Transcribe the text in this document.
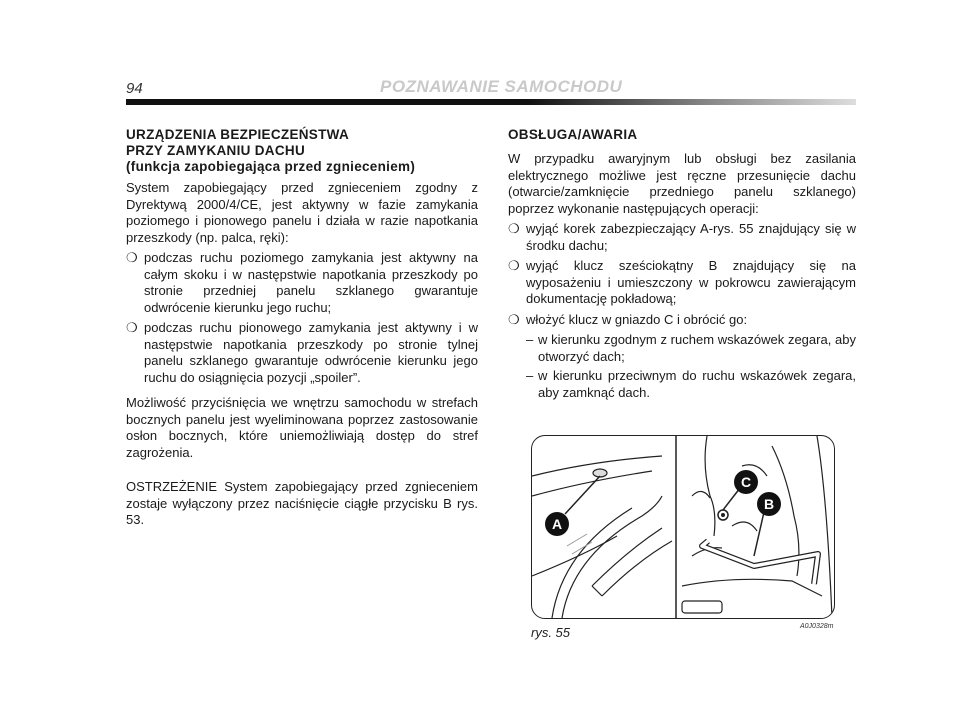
94	POZNAWANIE SAMOCHODU
URZĄDZENIA BEZPIECZEŃSTWA
PRZY ZAMYKANIU DACHU
(funkcja zapobiegająca przed zgnieceniem)

System zapobiegający przed zgnieceniem zgodny z Dyrektywą 2000/4/CE, jest aktywny w fazie zamykania poziomego i pionowego panelu i działa w razie napotkania przeszkody (np. palca, ręki):

❍ podczas ruchu poziomego zamykania jest aktywny na całym skoku i w następstwie napotkania przeszkody po stronie przedniej panelu szklanego gwarantuje odwrócenie kierunku jego ruchu;
❍ podczas ruchu pionowego zamykania jest aktywny i w następstwie napotkania przeszkody po stronie tylnej panelu szklanego gwarantuje odwrócenie kierunku jego ruchu do osiągnięcia pozycji „spoiler”.

Możliwość przyciśnięcia we wnętrzu samochodu w strefach bocznych panelu jest wyeliminowana poprzez zastosowanie osłon bocznych, które uniemożliwiają dostęp do stref zagrożenia.

OSTRZEŻENIE System zapobiegający przed zgnieceniem zostaje wyłączony przez naciśnięcie ciągłe przycisku B rys. 53.

OBSŁUGA/AWARIA

W przypadku awaryjnym lub obsługi bez zasilania elektrycznego możliwe jest ręczne przesunięcie dachu (otwarcie/zamknięcie przedniego panelu szklanego) poprzez wykonanie następujących operacji:

❍ wyjąć korek zabezpieczający A-rys. 55 znajdujący się w środku dachu;
❍ wyjąć klucz sześciokątny B znajdujący się na wyposażeniu i umieszczony w pokrowcu zawierającym dokumentację pokładową;
❍ włożyć klucz w gniazdo C i obrócić go:
– w kierunku zgodnym z ruchem wskazówek zegara, aby otworzyć dach;
– w kierunku przeciwnym do ruchu wskazówek zegara, aby zamknąć dach.
A
C
B
rys. 55	A0J0328m
